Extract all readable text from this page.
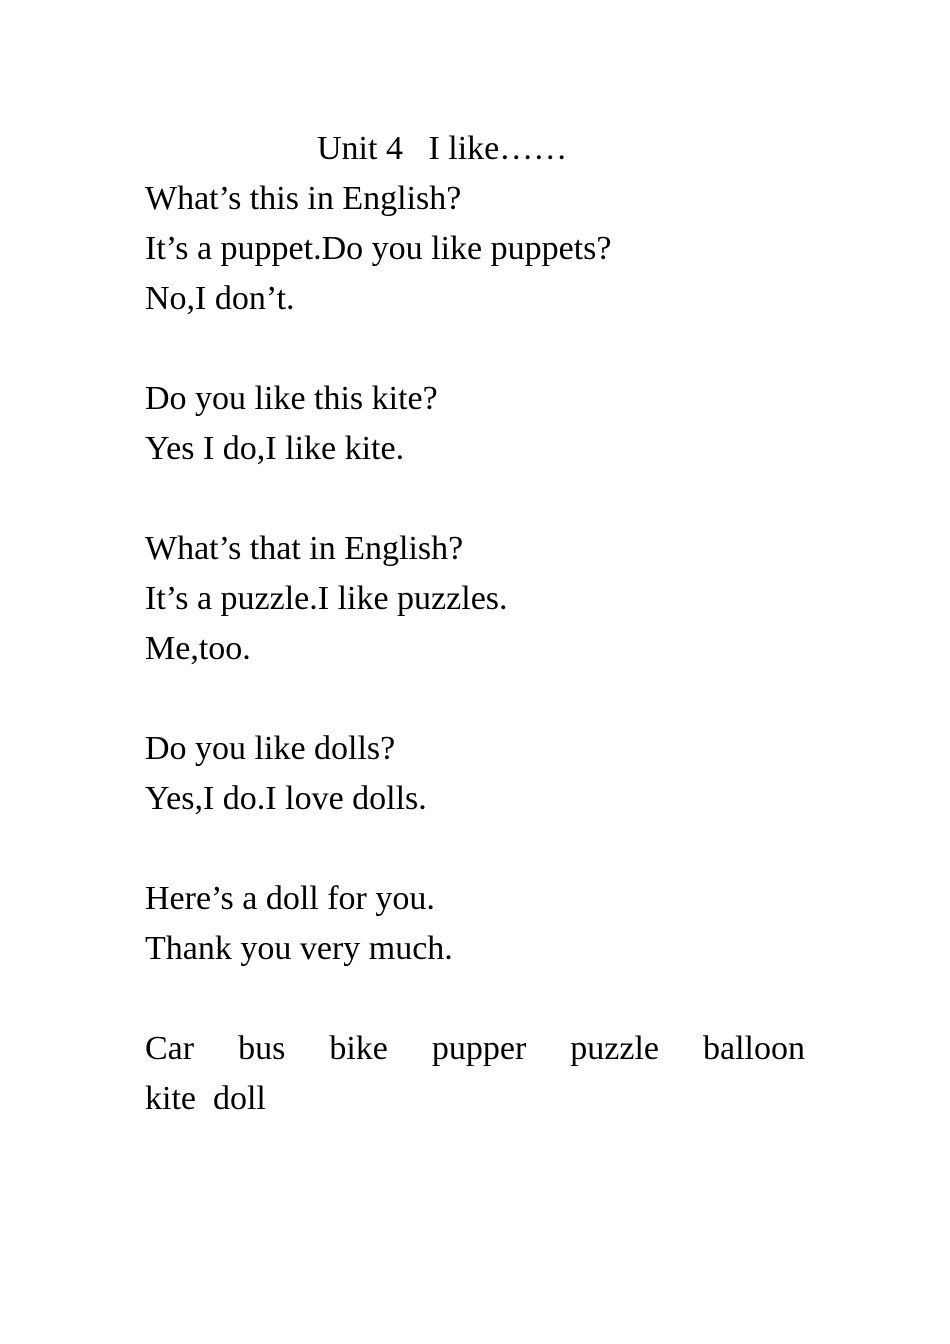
Unit 4   I like……

What’s this in English?

It’s a puppet.Do you like puppets?

No,I don’t.

Do you like this kite?

Yes I do,I like kite.

What’s that in English?

It’s a puzzle.I like puzzles.

Me,too.

Do you like dolls?

Yes,I do.I love dolls.

Here’s a doll for you.

Thank you very much.

Car bus bike pupper puzzle balloon
kite
doll
